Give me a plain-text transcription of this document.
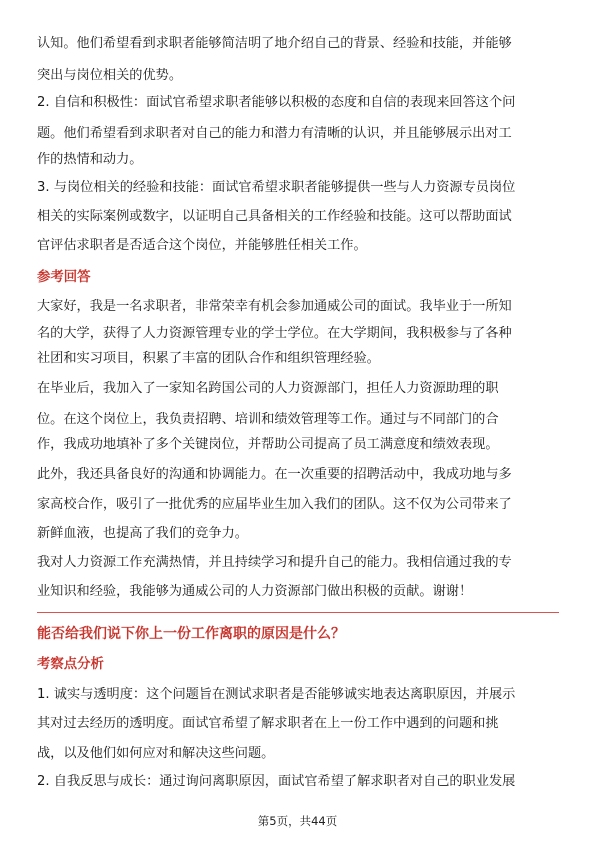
认知。他们希望看到求职者能够简洁明了地介绍自己的背景、经验和技能，并能够
突出与岗位相关的优势。
2. 自信和积极性：面试官希望求职者能够以积极的态度和自信的表现来回答这个问
题。他们希望看到求职者对自己的能力和潜力有清晰的认识，并且能够展示出对工
作的热情和动力。
3. 与岗位相关的经验和技能：面试官希望求职者能够提供一些与人力资源专员岗位
相关的实际案例或数字，以证明自己具备相关的工作经验和技能。这可以帮助面试
官评估求职者是否适合这个岗位，并能够胜任相关工作。
参考回答
大家好，我是一名求职者，非常荣幸有机会参加通威公司的面试。我毕业于一所知
名的大学，获得了人力资源管理专业的学士学位。在大学期间，我积极参与了各种
社团和实习项目，积累了丰富的团队合作和组织管理经验。
在毕业后，我加入了一家知名跨国公司的人力资源部门，担任人力资源助理的职
位。在这个岗位上，我负责招聘、培训和绩效管理等工作。通过与不同部门的合
作，我成功地填补了多个关键岗位，并帮助公司提高了员工满意度和绩效表现。
此外，我还具备良好的沟通和协调能力。在一次重要的招聘活动中，我成功地与多
家高校合作，吸引了一批优秀的应届毕业生加入我们的团队。这不仅为公司带来了
新鲜血液，也提高了我们的竞争力。
我对人力资源工作充满热情，并且持续学习和提升自己的能力。我相信通过我的专
业知识和经验，我能够为通威公司的人力资源部门做出积极的贡献。谢谢！
能否给我们说下你上一份工作离职的原因是什么？
考察点分析
1. 诚实与透明度：这个问题旨在测试求职者是否能够诚实地表达离职原因，并展示
其对过去经历的透明度。面试官希望了解求职者在上一份工作中遇到的问题和挑
战，以及他们如何应对和解决这些问题。
2. 自我反思与成长：通过询问离职原因，面试官希望了解求职者对自己的职业发展
第5页，共44页
